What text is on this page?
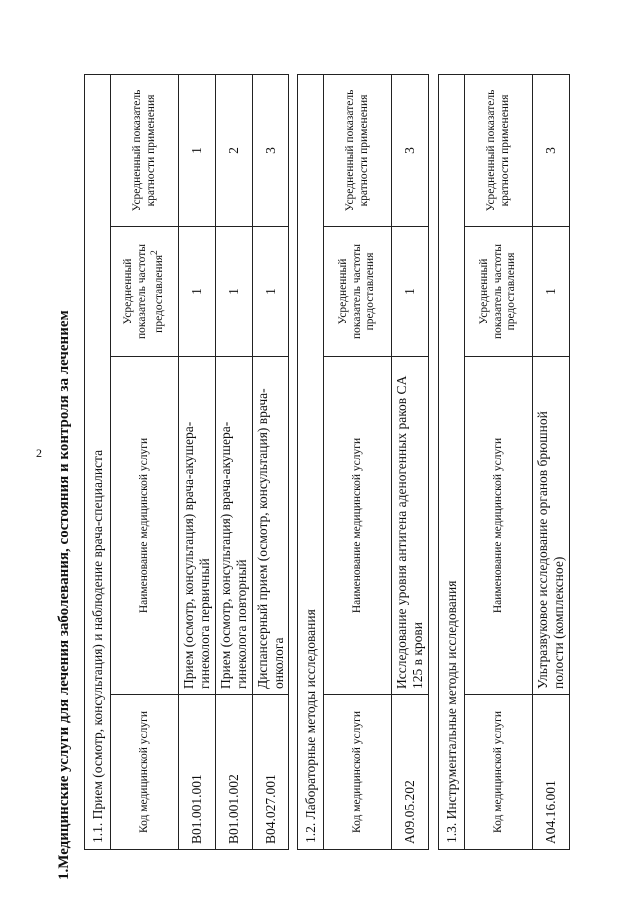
2 1.Медицинские услуги для лечения заболевания, состояния и контроля за лечением 1.1. Прием (осмотр, консультация) и наблюдение врача-специалиста			
Код медицинской услуги	Наименование медицинской услуги	Усредненный показатель частоты предоставления$^2$	Усредненный показатель кратности применения
B01.001.001	Прием (осмотр, консультация) врача-акушера-гинеколога первичный	1	1
B01.001.002	Прием (осмотр, консультация) врача-акушера-гинеколога повторный	1	2
B04.027.001	Диспансерный прием (осмотр, консультация) врача-онколога	1	3
1.2. Лабораторные методы исследования			
Код медицинской услуги	Наименование медицинской услуги	Усредненный показатель частоты предоставления	Усредненный показатель кратности применения
A09.05.202	Исследование уровня антигена аденогенных раков CA 125 в крови	1	3
1.3. Инструментальные методы исследования			
Код медицинской услуги	Наименование медицинской услуги	Усредненный показатель частоты предоставления	Усредненный показатель кратности применения
A04.16.001	Ультразвуковое исследование органов брюшной полости (комплексное)	1	3
